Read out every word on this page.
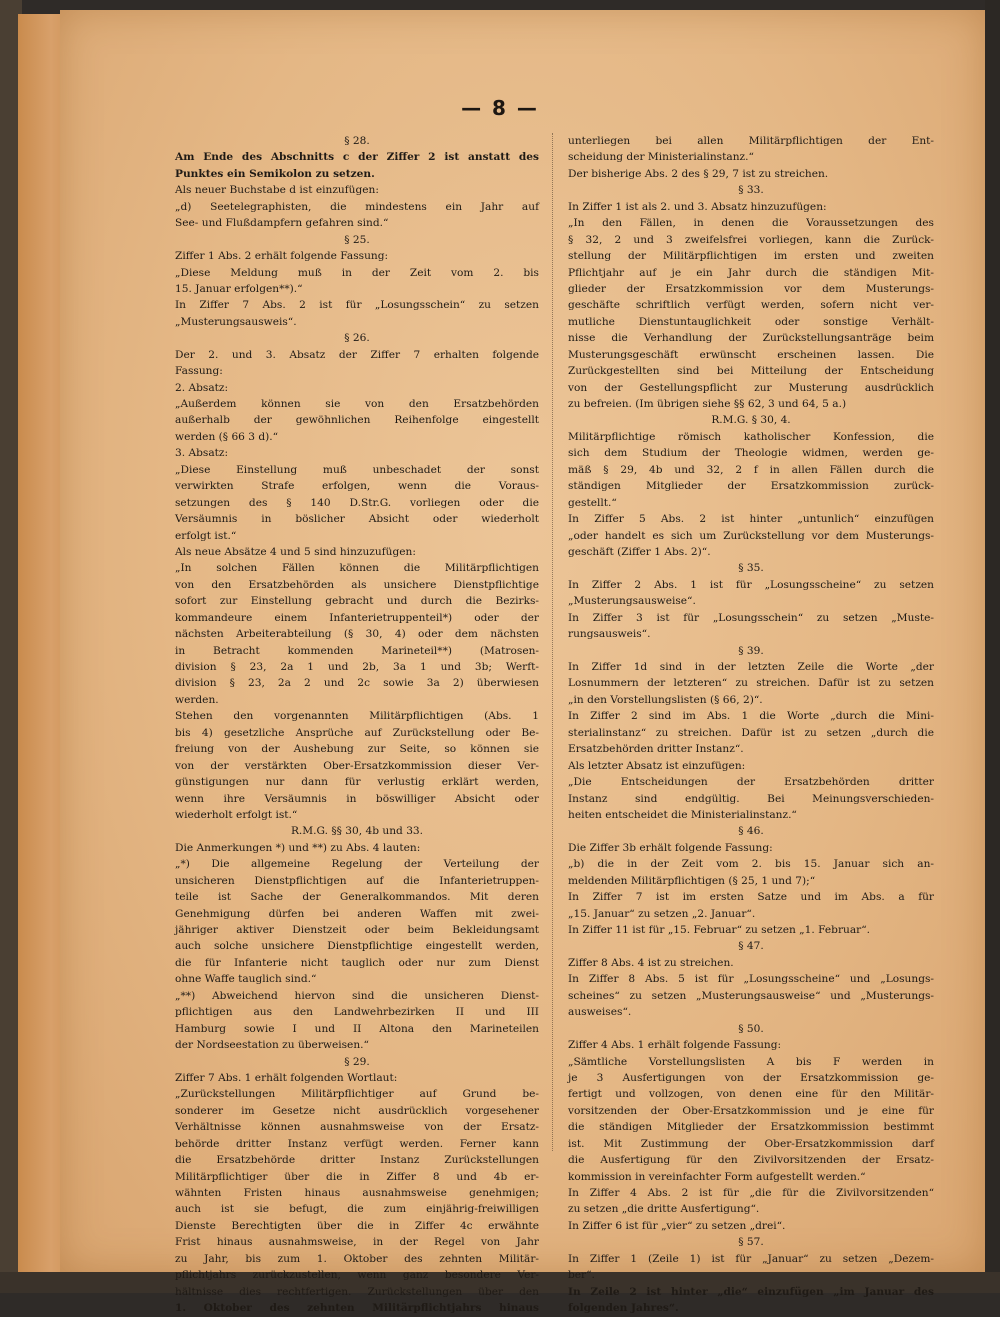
— 8 —

§ 28.

Am Ende des Abschnitts c der Ziffer 2 ist anstatt des

Punktes ein Semikolon zu setzen.

Als neuer Buchstabe d ist einzufügen:

„d) Seetelegraphisten, die mindestens ein Jahr auf

See- und Flußdampfern gefahren sind.“

§ 25.

Ziffer 1 Abs. 2 erhält folgende Fassung:

„Diese Meldung muß in der Zeit vom 2. bis

15. Januar erfolgen**).“

In Ziffer 7 Abs. 2 ist für „Losungsschein“ zu setzen

„Musterungsausweis“.

§ 26.

Der 2. und 3. Absatz der Ziffer 7 erhalten folgende

Fassung:

2. Absatz:

„Außerdem können sie von den Ersatzbehörden

außerhalb der gewöhnlichen Reihenfolge eingestellt

werden (§ 66 3 d).“

3. Absatz:

„Diese Einstellung muß unbeschadet der sonst

verwirkten Strafe erfolgen, wenn die Voraus-

setzungen des § 140 D.Str.G. vorliegen oder die

Versäumnis in böslicher Absicht oder wiederholt

erfolgt ist.“

Als neue Absätze 4 und 5 sind hinzuzufügen:

„In solchen Fällen können die Militärpflichtigen

von den Ersatzbehörden als unsichere Dienstpflichtige

sofort zur Einstellung gebracht und durch die Bezirks-

kommandeure einem Infanterietruppenteil*) oder der

nächsten Arbeiterabteilung (§ 30, 4) oder dem nächsten

in Betracht kommenden Marineteil**) (Matrosen-

division § 23, 2a 1 und 2b, 3a 1 und 3b; Werft-

division § 23, 2a 2 und 2c sowie 3a 2) überwiesen

werden.

Stehen den vorgenannten Militärpflichtigen (Abs. 1

bis 4) gesetzliche Ansprüche auf Zurückstellung oder Be-

freiung von der Aushebung zur Seite, so können sie

von der verstärkten Ober-Ersatzkommission dieser Ver-

günstigungen nur dann für verlustig erklärt werden,

wenn ihre Versäumnis in böswilliger Absicht oder

wiederholt erfolgt ist.“

R.M.G. §§ 30, 4b und 33.

Die Anmerkungen *) und **) zu Abs. 4 lauten:

„*) Die allgemeine Regelung der Verteilung der

unsicheren Dienstpflichtigen auf die Infanterietruppen-

teile ist Sache der Generalkommandos. Mit deren

Genehmigung dürfen bei anderen Waffen mit zwei-

jähriger aktiver Dienstzeit oder beim Bekleidungsamt

auch solche unsichere Dienstpflichtige eingestellt werden,

die für Infanterie nicht tauglich oder nur zum Dienst

ohne Waffe tauglich sind.“

„**) Abweichend hiervon sind die unsicheren Dienst-

pflichtigen aus den Landwehrbezirken II und III

Hamburg sowie I und II Altona den Marineteilen

der Nordseestation zu überweisen.“

§ 29.

Ziffer 7 Abs. 1 erhält folgenden Wortlaut:

„Zurückstellungen Militärpflichtiger auf Grund be-

sonderer im Gesetze nicht ausdrücklich vorgesehener

Verhältnisse können ausnahmsweise von der Ersatz-

behörde dritter Instanz verfügt werden. Ferner kann

die Ersatzbehörde dritter Instanz Zurückstellungen

Militärpflichtiger über die in Ziffer 8 und 4b er-

wähnten Fristen hinaus ausnahmsweise genehmigen;

auch ist sie befugt, die zum einjährig-freiwilligen

Dienste Berechtigten über die in Ziffer 4c erwähnte

Frist hinaus ausnahmsweise, in der Regel von Jahr

zu Jahr, bis zum 1. Oktober des zehnten Militär-

pflichtjahrs zurückzustellen, wenn ganz besondere Ver-

hältnisse dies rechtfertigen. Zurückstellungen über den

1. Oktober des zehnten Militärpflichtjahrs hinaus

unterliegen bei allen Militärpflichtigen der Ent-

scheidung der Ministerialinstanz.“

Der bisherige Abs. 2 des § 29, 7 ist zu streichen.

§ 33.

In Ziffer 1 ist als 2. und 3. Absatz hinzuzufügen:

„In den Fällen, in denen die Voraussetzungen des

§ 32, 2 und 3 zweifelsfrei vorliegen, kann die Zurück-

stellung der Militärpflichtigen im ersten und zweiten

Pflichtjahr auf je ein Jahr durch die ständigen Mit-

glieder der Ersatzkommission vor dem Musterungs-

geschäfte schriftlich verfügt werden, sofern nicht ver-

mutliche Dienstuntauglichkeit oder sonstige Verhält-

nisse die Verhandlung der Zurückstellungsanträge beim

Musterungsgeschäft erwünscht erscheinen lassen. Die

Zurückgestellten sind bei Mitteilung der Entscheidung

von der Gestellungspflicht zur Musterung ausdrücklich

zu befreien. (Im übrigen siehe §§ 62, 3 und 64, 5 a.)

R.M.G. § 30, 4.

Militärpflichtige römisch katholischer Konfession, die

sich dem Studium der Theologie widmen, werden ge-

mäß § 29, 4b und 32, 2 f in allen Fällen durch die

ständigen Mitglieder der Ersatzkommission zurück-

gestellt.“

In Ziffer 5 Abs. 2 ist hinter „untunlich“ einzufügen

„oder handelt es sich um Zurückstellung vor dem Musterungs-

geschäft (Ziffer 1 Abs. 2)“.

§ 35.

In Ziffer 2 Abs. 1 ist für „Losungsscheine“ zu setzen

„Musterungsausweise“.

In Ziffer 3 ist für „Losungsschein“ zu setzen „Muste-

rungsausweis“.

§ 39.

In Ziffer 1d sind in der letzten Zeile die Worte „der

Losnummern der letzteren“ zu streichen. Dafür ist zu setzen

„in den Vorstellungslisten (§ 66, 2)“.

In Ziffer 2 sind im Abs. 1 die Worte „durch die Mini-

sterialinstanz“ zu streichen. Dafür ist zu setzen „durch die

Ersatzbehörden dritter Instanz“.

Als letzter Absatz ist einzufügen:

„Die Entscheidungen der Ersatzbehörden dritter

Instanz sind endgültig. Bei Meinungsverschieden-

heiten entscheidet die Ministerialinstanz.“

§ 46.

Die Ziffer 3b erhält folgende Fassung:

„b) die in der Zeit vom 2. bis 15. Januar sich an-

meldenden Militärpflichtigen (§ 25, 1 und 7);“

In Ziffer 7 ist im ersten Satze und im Abs. a für

„15. Januar“ zu setzen „2. Januar“.

In Ziffer 11 ist für „15. Februar“ zu setzen „1. Februar“.

§ 47.

Ziffer 8 Abs. 4 ist zu streichen.

In Ziffer 8 Abs. 5 ist für „Losungsscheine“ und „Losungs-

scheines“ zu setzen „Musterungsausweise“ und „Musterungs-

ausweises“.

§ 50.

Ziffer 4 Abs. 1 erhält folgende Fassung:

„Sämtliche Vorstellungslisten A bis F werden in

je 3 Ausfertigungen von der Ersatzkommission ge-

fertigt und vollzogen, von denen eine für den Militär-

vorsitzenden der Ober-Ersatzkommission und je eine für

die ständigen Mitglieder der Ersatzkommission bestimmt

ist. Mit Zustimmung der Ober-Ersatzkommission darf

die Ausfertigung für den Zivilvorsitzenden der Ersatz-

kommission in vereinfachter Form aufgestellt werden.“

In Ziffer 4 Abs. 2 ist für „die für die Zivilvorsitzenden“

zu setzen „die dritte Ausfertigung“.

In Ziffer 6 ist für „vier“ zu setzen „drei“.

§ 57.

In Ziffer 1 (Zeile 1) ist für „Januar“ zu setzen „Dezem-

ber“.

In Zeile 2 ist hinter „die“ einzufügen „im Januar des

folgenden Jahres“.
